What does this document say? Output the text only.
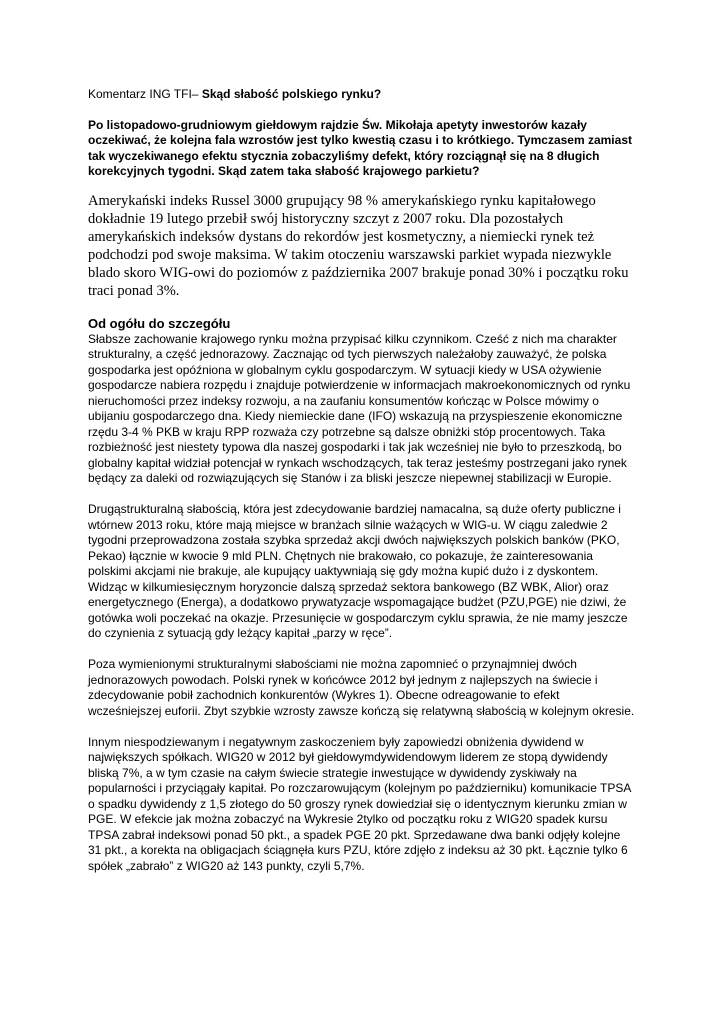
Komentarz ING TFI– Skąd słabość polskiego rynku?

Po listopadowo-grudniowym giełdowym rajdzie Św. Mikołaja apetyty inwestorów kazały oczekiwać, że kolejna fala wzrostów jest tylko kwestią czasu i to krótkiego. Tymczasem zamiast tak wyczekiwanego efektu stycznia zobaczyliśmy defekt, który rozciągnął się na 8 długich korekcyjnych tygodni. Skąd zatem taka słabość krajowego parkietu?

Amerykański indeks Russel 3000 grupujący 98 % amerykańskiego rynku kapitałowego dokładnie 19 lutego przebił swój historyczny szczyt z 2007 roku. Dla pozostałych amerykańskich indeksów dystans do rekordów jest kosmetyczny, a niemiecki rynek też podchodzi pod swoje maksima. W takim otoczeniu warszawski parkiet wypada niezwykle blado skoro WIG-owi do poziomów z października 2007 brakuje ponad 30% i początku roku traci ponad 3%.

Od ogółu do szczegółu

Słabsze zachowanie krajowego rynku można przypisać kilku czynnikom. Cześć z nich ma charakter strukturalny, a część jednorazowy. Zacznając od tych pierwszych należałoby zauważyć, że polska gospodarka jest opóźniona w globalnym cyklu gospodarczym. W sytuacji kiedy w USA ożywienie gospodarcze nabiera rozpędu i znajduje potwierdzenie w informacjach makroekonomicznych od rynku nieruchomości przez indeksy rozwoju, a na zaufaniu konsumentów kończąc w Polsce mówimy o ubijaniu gospodarczego dna. Kiedy niemieckie dane (IFO) wskazują na przyspieszenie ekonomiczne rzędu 3-4 % PKB w kraju RPP rozważa czy potrzebne są dalsze obniżki stóp procentowych. Taka rozbieżność jest niestety typowa dla naszej gospodarki i tak jak wcześniej nie było to przeszkodą, bo globalny kapitał widział potencjał w rynkach wschodzących, tak teraz jesteśmy postrzegani jako rynek będący za daleki od rozwiązujących się Stanów i za bliski jeszcze niepewnej stabilizacji w Europie.

Drugąstrukturalną słabością, która jest zdecydowanie bardziej namacalna, są duże oferty publiczne i wtórnew 2013 roku, które mają miejsce w branżach silnie ważących w WIG-u. W ciągu zaledwie 2 tygodni przeprowadzona została szybka sprzedaż akcji dwóch największych polskich banków (PKO, Pekao) łącznie w kwocie 9 mld PLN. Chętnych nie brakowało, co pokazuje, że zainteresowania polskimi akcjami nie brakuje, ale kupujący uaktywniają się gdy można kupić dużo i z dyskontem. Widząc w kilkumiesięcznym horyzoncie dalszą sprzedaż sektora bankowego (BZ WBK, Alior) oraz energetycznego (Energa), a dodatkowo prywatyzacje wspomagające budżet (PZU,PGE) nie dziwi, że gotówka woli poczekać na okazje. Przesunięcie w gospodarczym cyklu sprawia, że nie mamy jeszcze do czynienia z sytuacją gdy leżący kapitał „parzy w ręce”.

Poza wymienionymi strukturalnymi słabościami nie można zapomnieć o przynajmniej dwóch jednorazowych powodach. Polski rynek w końcówce 2012 był jednym z najlepszych na świecie i zdecydowanie pobił zachodnich konkurentów (Wykres 1). Obecne odreagowanie to efekt wcześniejszej euforii. Zbyt szybkie wzrosty zawsze kończą się relatywną słabością w kolejnym okresie.

Innym niespodziewanym i negatywnym zaskoczeniem były zapowiedzi obniżenia dywidend w największych spółkach. WIG20 w 2012 był giełdowymdywidendowym liderem ze stopą dywidendy bliską 7%, a w tym czasie na całym świecie strategie inwestujące w dywidendy zyskiwały na popularności i przyciągały kapitał. Po rozczarowującym (kolejnym po październiku) komunikacie TPSA o spadku dywidendy z 1,5 złotego do 50 groszy rynek dowiedział się o identycznym kierunku zmian w PGE. W efekcie jak można zobaczyć na Wykresie 2tylko od początku roku z WIG20 spadek kursu TPSA zabrał indeksowi ponad 50 pkt., a spadek PGE 20 pkt. Sprzedawane dwa banki odjęły kolejne 31 pkt., a korekta na obligacjach ściągnęła kurs PZU, które zdjęło z indeksu aż 30 pkt. Łącznie tylko 6 spółek „zabrało” z WIG20 aż 143 punkty, czyli 5,7%.
